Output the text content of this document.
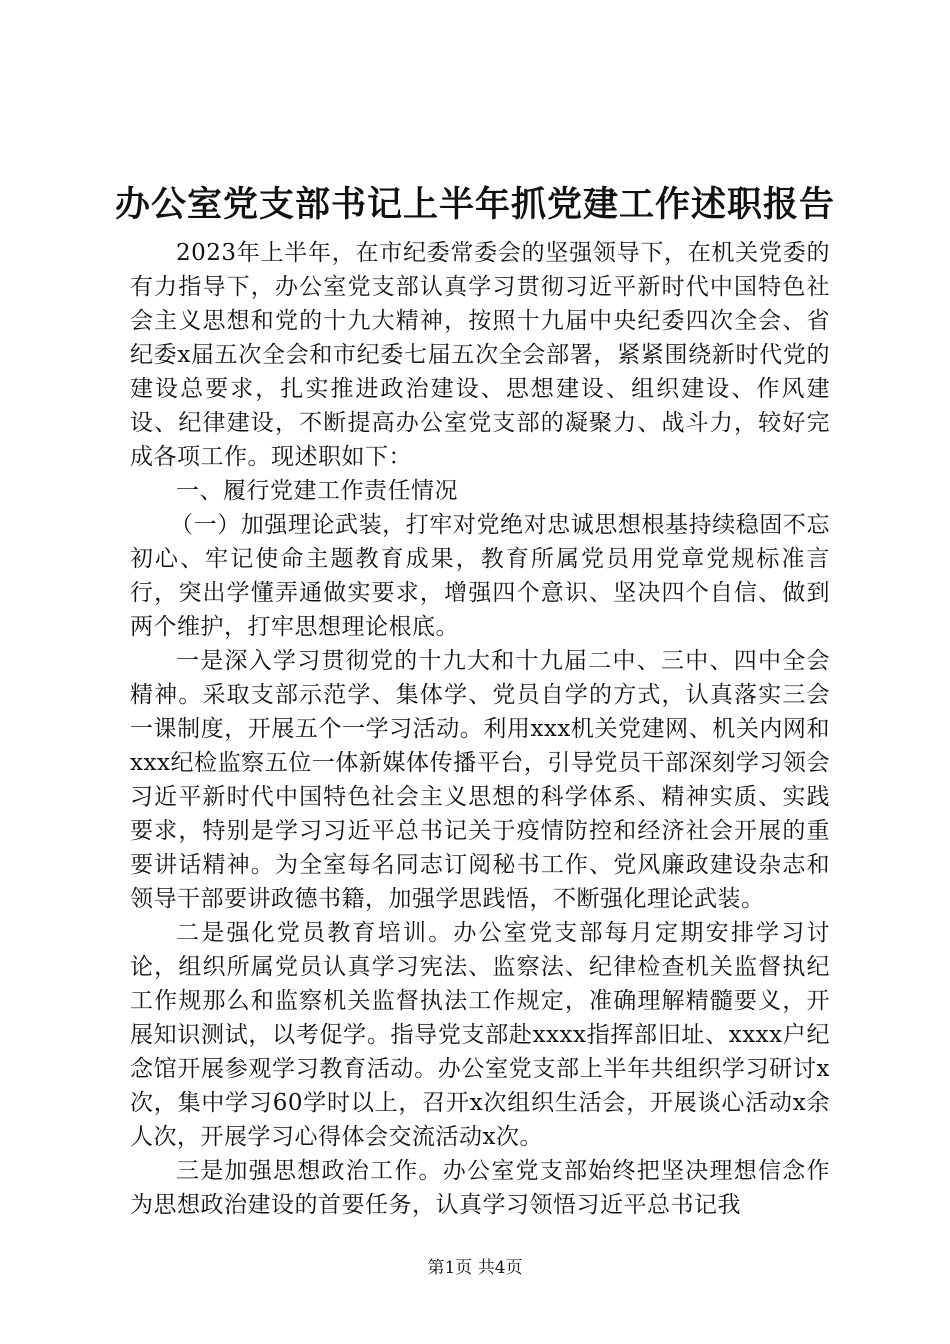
办公室党支部书记上半年抓党建工作述职报告

2023年上半年，在市纪委常委会的坚强领导下，在机关党委的有力指导下，办公室党支部认真学习贯彻习近平新时代中国特色社会主义思想和党的十九大精神，按照十九届中央纪委四次全会、省纪委x届五次全会和市纪委七届五次全会部署，紧紧围绕新时代党的建设总要求，扎实推进政治建设、思想建设、组织建设、作风建设、纪律建设，不断提高办公室党支部的凝聚力、战斗力，较好完成各项工作。现述职如下：

一、履行党建工作责任情况

（一）加强理论武装，打牢对党绝对忠诚思想根基持续稳固不忘初心、牢记使命主题教育成果，教育所属党员用党章党规标准言行，突出学懂弄通做实要求，增强四个意识、坚决四个自信、做到两个维护，打牢思想理论根底。

一是深入学习贯彻党的十九大和十九届二中、三中、四中全会精神。采取支部示范学、集体学、党员自学的方式，认真落实三会一课制度，开展五个一学习活动。利用xxx机关党建网、机关内网和xxx纪检监察五位一体新媒体传播平台，引导党员干部深刻学习领会习近平新时代中国特色社会主义思想的科学体系、精神实质、实践要求，特别是学习习近平总书记关于疫情防控和经济社会开展的重要讲话精神。为全室每名同志订阅秘书工作、党风廉政建设杂志和领导干部要讲政德书籍，加强学思践悟，不断强化理论武装。

二是强化党员教育培训。办公室党支部每月定期安排学习讨论，组织所属党员认真学习宪法、监察法、纪律检查机关监督执纪工作规那么和监察机关监督执法工作规定，准确理解精髓要义，开展知识测试，以考促学。指导党支部赴xxxx指挥部旧址、xxxx户纪念馆开展参观学习教育活动。办公室党支部上半年共组织学习研讨x次，集中学习60学时以上，召开x次组织生活会，开展谈心活动x余人次，开展学习心得体会交流活动x次。

三是加强思想政治工作。办公室党支部始终把坚决理想信念作为思想政治建设的首要任务，认真学习领悟习近平总书记我

第1页 共4页
